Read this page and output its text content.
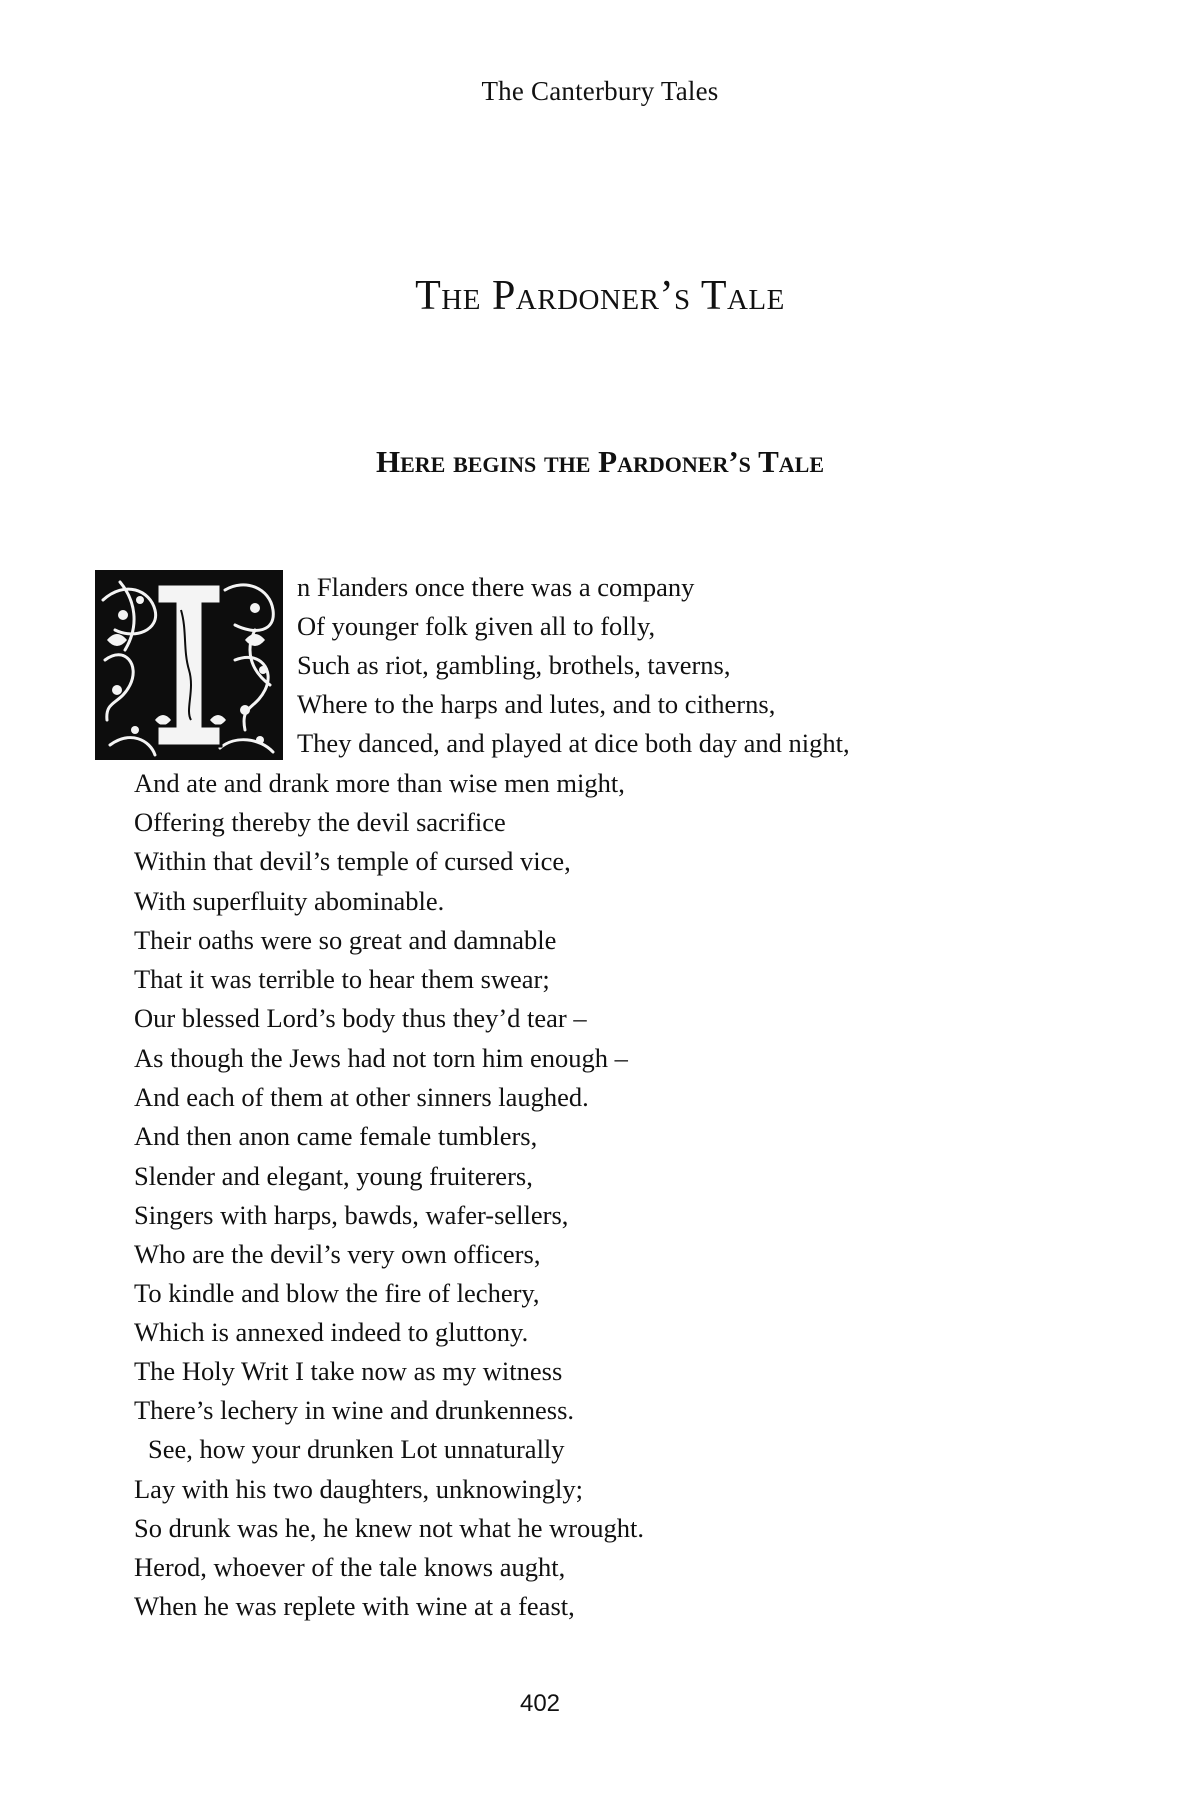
The Canterbury Tales
The Pardoner’s Tale
Here begins the Pardoner’s Tale
n Flanders once there was a company
Of younger folk given all to folly,
Such as riot, gambling, brothels, taverns,
Where to the harps and lutes, and to citherns,
They danced, and played at dice both day and night,
And ate and drank more than wise men might,
Offering thereby the devil sacrifice
Within that devil’s temple of cursed vice,
With superfluity abominable.
Their oaths were so great and damnable
That it was terrible to hear them swear;
Our blessed Lord’s body thus they’d tear –
As though the Jews had not torn him enough –
And each of them at other sinners laughed.
And then anon came female tumblers,
Slender and elegant, young fruiterers,
Singers with harps, bawds, wafer-sellers,
Who are the devil’s very own officers,
To kindle and blow the fire of lechery,
Which is annexed indeed to gluttony.
The Holy Writ I take now as my witness
There’s lechery in wine and drunkenness.
See, how your drunken Lot unnaturally
Lay with his two daughters, unknowingly;
So drunk was he, he knew not what he wrought.
Herod, whoever of the tale knows aught,
When he was replete with wine at a feast,
402
